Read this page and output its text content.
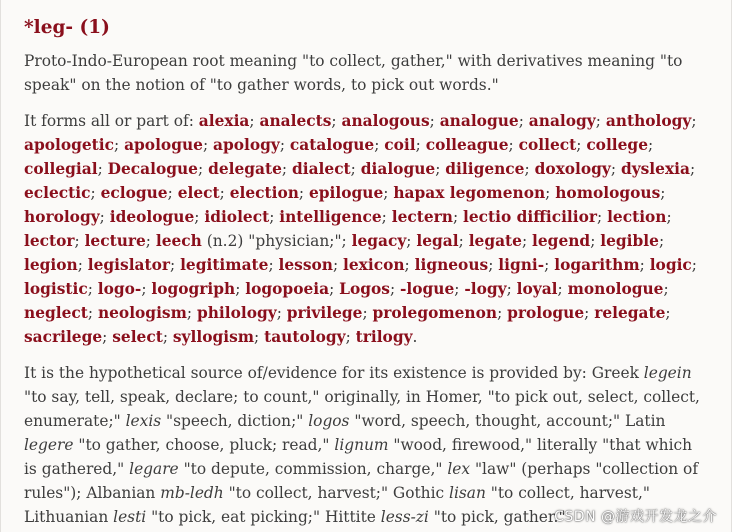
*leg- (1)

Proto-Indo-European root meaning "to collect, gather," with derivatives meaning "to speak" on the notion of "to gather words, to pick out words."

It forms all or part of: alexia; analects; analogous; analogue; analogy; anthology; apologetic; apologue; apology; catalogue; coil; colleague; collect; college; collegial; Decalogue; delegate; dialect; dialogue; diligence; doxology; dyslexia; eclectic; eclogue; elect; election; epilogue; hapax legomenon; homologous; horology; ideologue; idiolect; intelligence; lectern; lectio difficilior; lection; lector; lecture; leech (n.2) "physician;"; legacy; legal; legate; legend; legible; legion; legislator; legitimate; lesson; lexicon; ligneous; ligni-; logarithm; logic; logistic; logo-; logogriph; logopoeia; Logos; -logue; -logy; loyal; monologue; neglect; neologism; philology; privilege; prolegomenon; prologue; relegate; sacrilege; select; syllogism; tautology; trilogy.

It is the hypothetical source of/evidence for its existence is provided by: Greek legein "to say, tell, speak, declare; to count," originally, in Homer, "to pick out, select, collect, enumerate;" lexis "speech, diction;" logos "word, speech, thought, account;" Latin legere "to gather, choose, pluck; read," lignum "wood, firewood," literally "that which is gathered," legare "to depute, commission, charge," lex "law" (perhaps "collection of rules"); Albanian mb-ledh "to collect, harvest;" Gothic lisan "to collect, harvest," Lithuanian lesti "to pick, eat picking;" Hittite less-zi "to pick, gather."

CSDN @游戏开发龙之介
